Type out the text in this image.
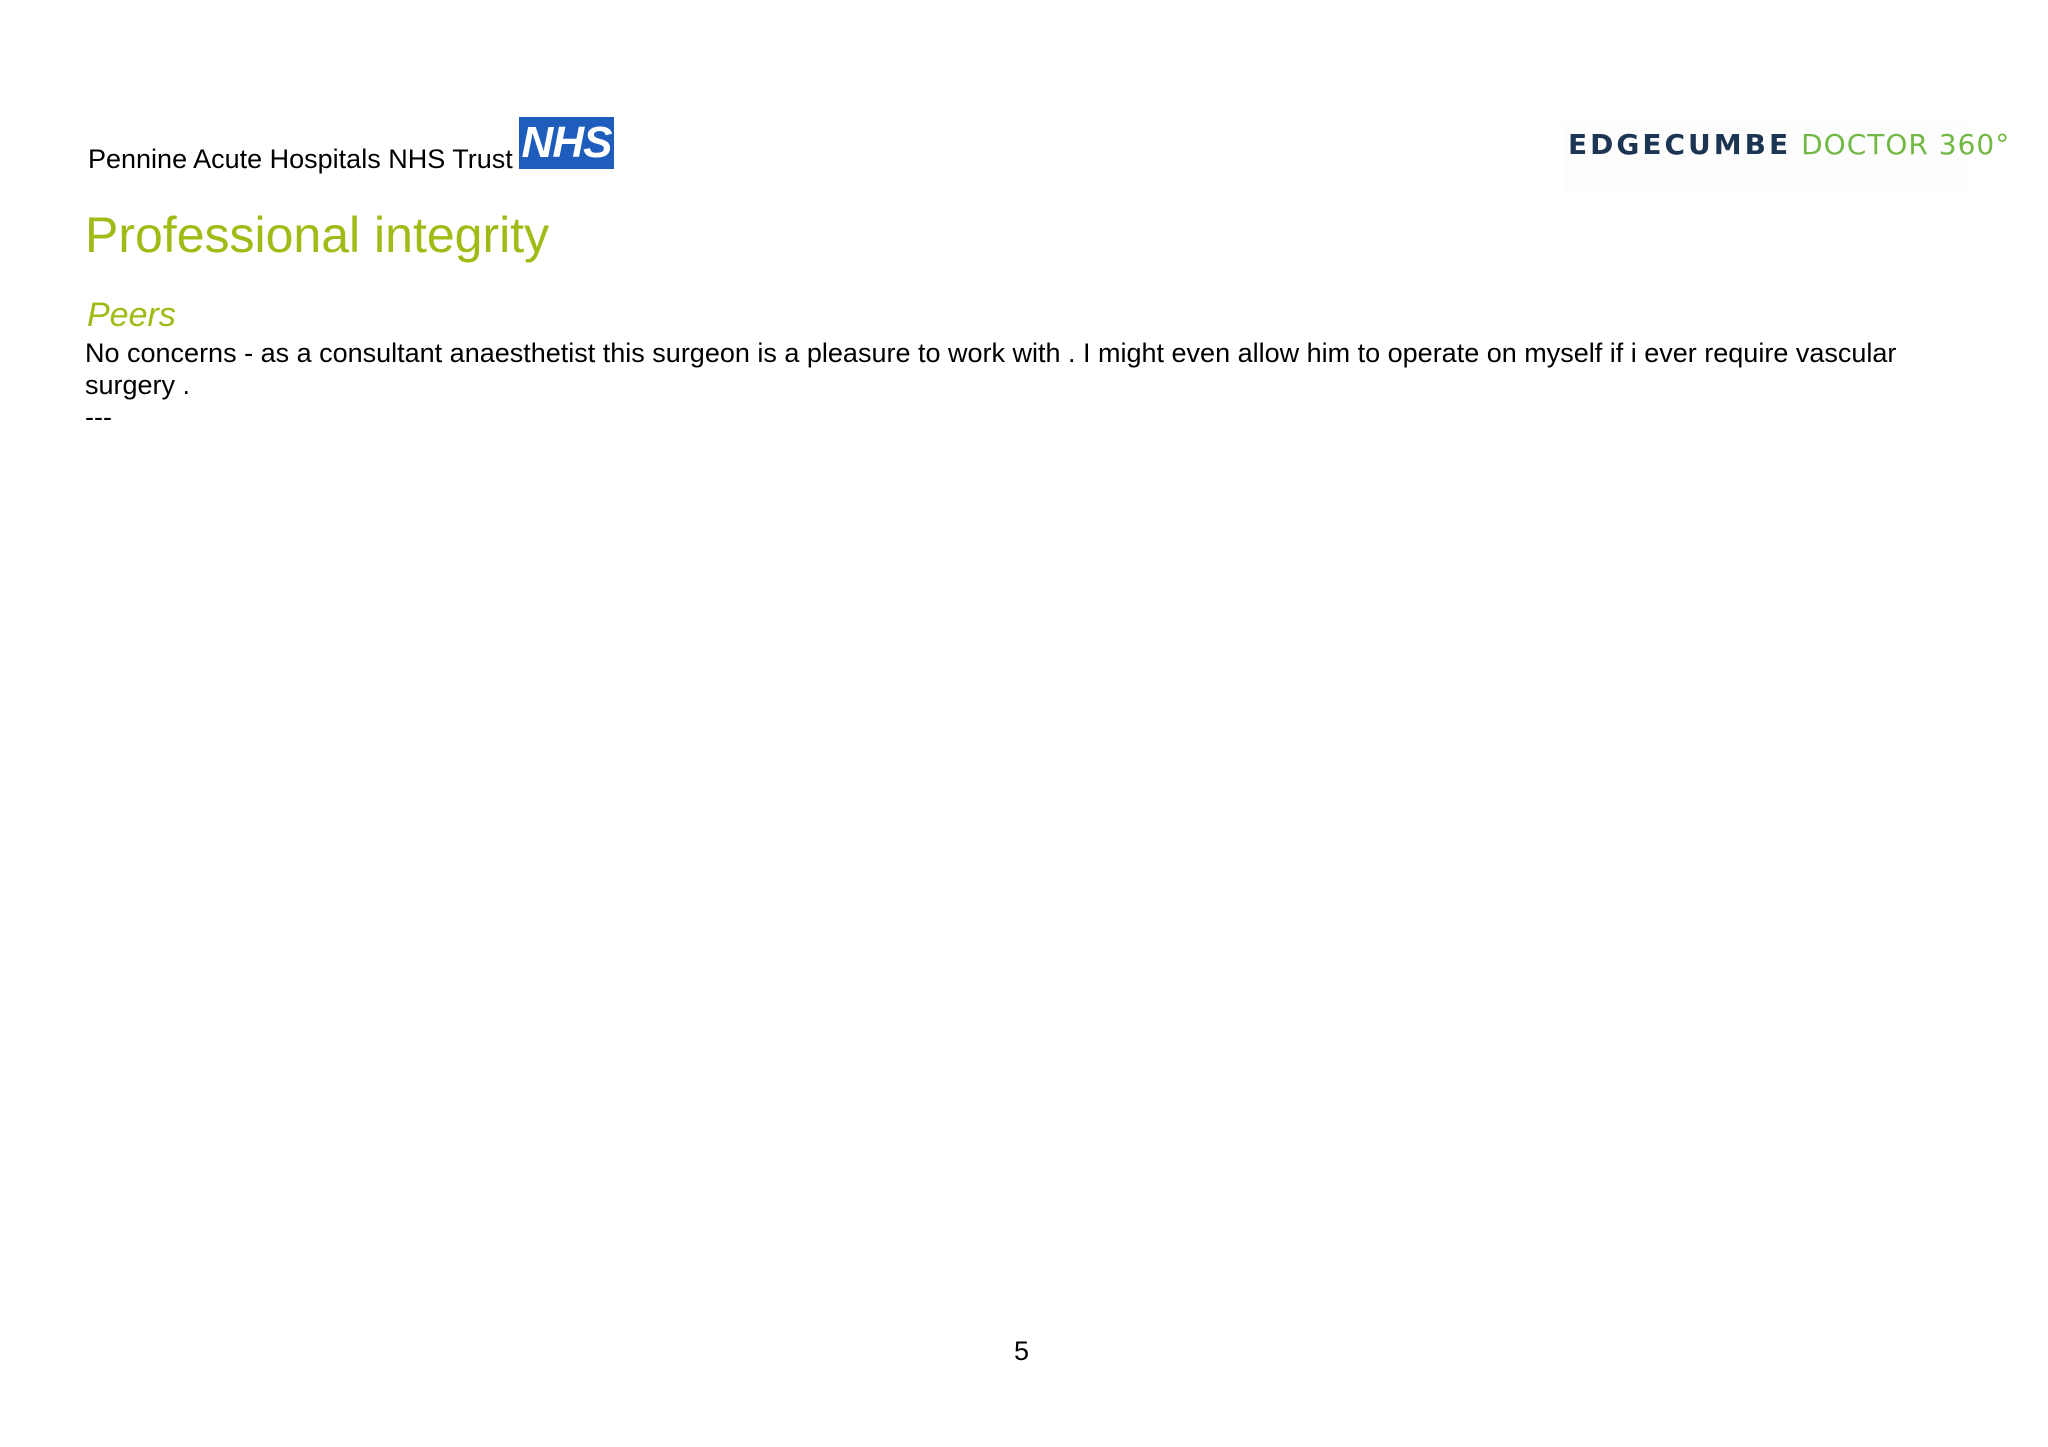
Pennine Acute Hospitals NHS Trust NHS	EDGECUMBE DOCTOR 360°
Professional integrity
Peers
No concerns - as a consultant anaesthetist this surgeon is a pleasure to work with . I might even allow him to operate on myself if i ever require vascular
surgery .
---
5
